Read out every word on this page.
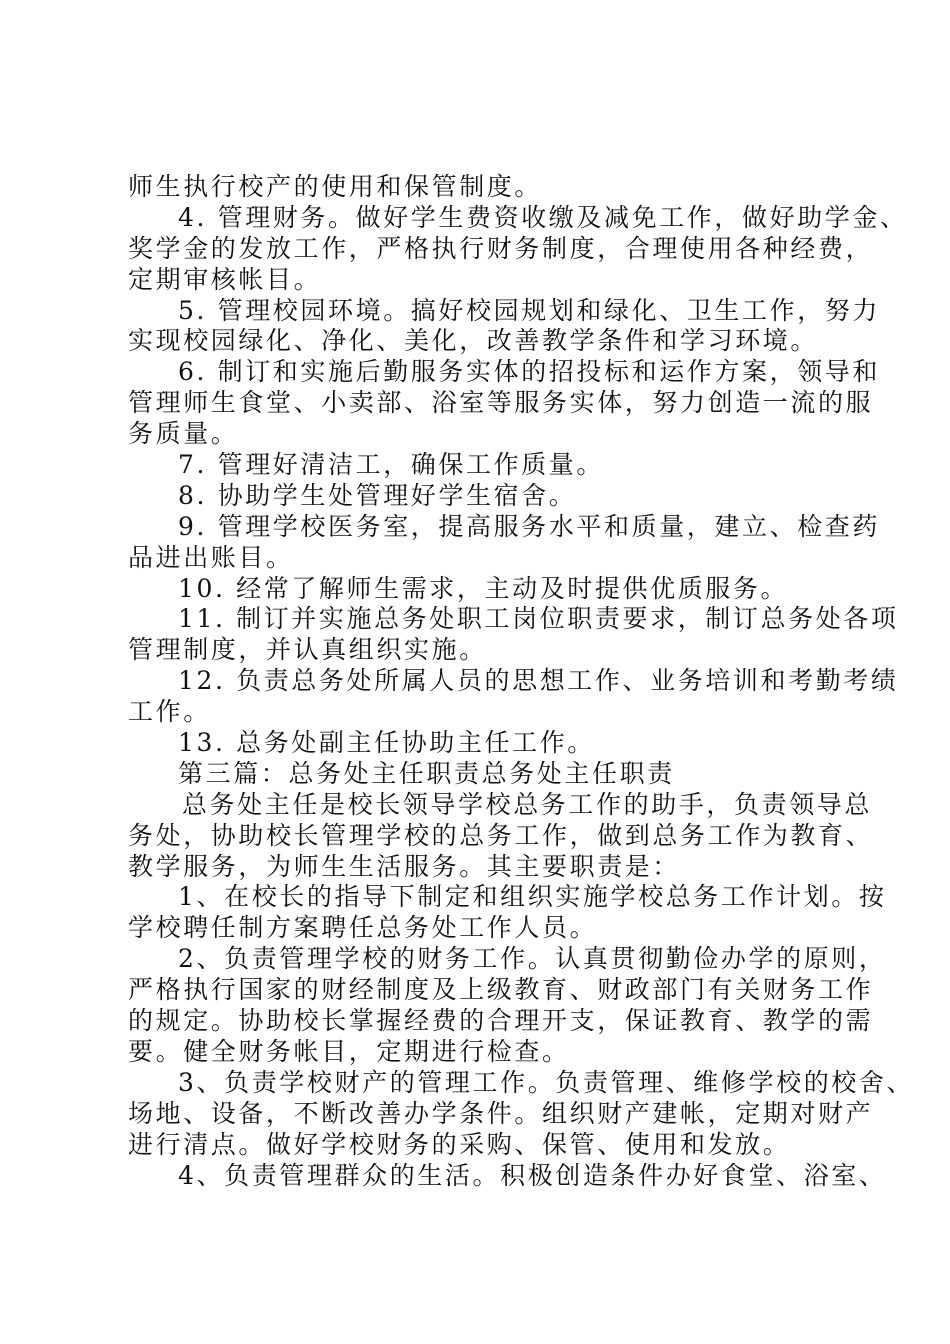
师生执行校产的使用和保管制度。
4. 管理财务。做好学生费资收缴及减免工作，做好助学金、
奖学金的发放工作，严格执行财务制度，合理使用各种经费，
定期审核帐目。
5. 管理校园环境。搞好校园规划和绿化、卫生工作，努力
实现校园绿化、净化、美化，改善教学条件和学习环境。
6. 制订和实施后勤服务实体的招投标和运作方案，领导和
管理师生食堂、小卖部、浴室等服务实体，努力创造一流的服
务质量。
7. 管理好清洁工，确保工作质量。
8. 协助学生处管理好学生宿舍。
9. 管理学校医务室，提高服务水平和质量，建立、检查药
品进出账目。
10. 经常了解师生需求，主动及时提供优质服务。
11. 制订并实施总务处职工岗位职责要求，制订总务处各项
管理制度，并认真组织实施。
12. 负责总务处所属人员的思想工作、业务培训和考勤考绩
工作。
13. 总务处副主任协助主任工作。
第三篇：总务处主任职责总务处主任职责
总务处主任是校长领导学校总务工作的助手，负责领导总
务处，协助校长管理学校的总务工作，做到总务工作为教育、
教学服务，为师生生活服务。其主要职责是：
1、在校长的指导下制定和组织实施学校总务工作计划。按
学校聘任制方案聘任总务处工作人员。
2、负责管理学校的财务工作。认真贯彻勤俭办学的原则，
严格执行国家的财经制度及上级教育、财政部门有关财务工作
的规定。协助校长掌握经费的合理开支，保证教育、教学的需
要。健全财务帐目，定期进行检查。
3、负责学校财产的管理工作。负责管理、维修学校的校舍、
场地、设备，不断改善办学条件。组织财产建帐，定期对财产
进行清点。做好学校财务的采购、保管、使用和发放。
4、负责管理群众的生活。积极创造条件办好食堂、浴室、
